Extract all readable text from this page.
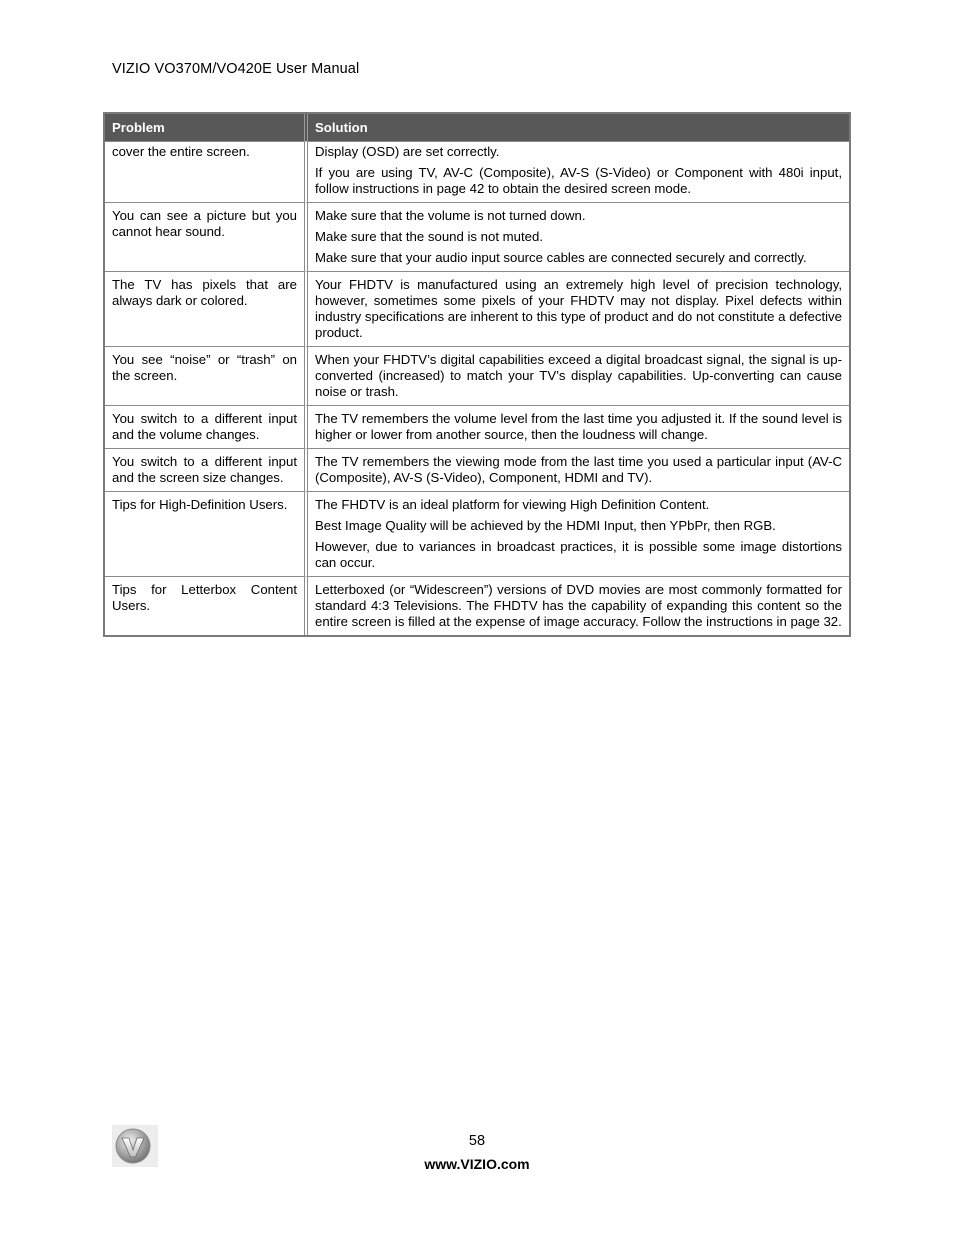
VIZIO VO370M/VO420E User Manual
Problem	Solution
cover the entire screen.	Display (OSD) are set correctly.

If you are using TV, AV-C (Composite), AV-S (S-Video) or Component with 480i input, follow instructions in page 42 to obtain the desired screen mode.

You can see a picture but you cannot hear sound.	Make sure that the volume is not turned down.

Make sure that the sound is not muted.

Make sure that your audio input source cables are connected securely and correctly.

The TV has pixels that are always dark or colored.	Your FHDTV is manufactured using an extremely high level of precision technology, however, sometimes some pixels of your FHDTV may not display. Pixel defects within industry specifications are inherent to this type of product and do not constitute a defective product.

You see “noise” or “trash” on the screen.	When your FHDTV’s digital capabilities exceed a digital broadcast signal, the signal is up-converted (increased) to match your TV’s display capabilities. Up-converting can cause noise or trash.

You switch to a different input and the volume changes.	The TV remembers the volume level from the last time you adjusted it. If the sound level is higher or lower from another source, then the loudness will change.

You switch to a different input and the screen size changes.	The TV remembers the viewing mode from the last time you used a particular input (AV-C (Composite), AV-S (S-Video), Component, HDMI and TV).

Tips for High-Definition Users.	The FHDTV is an ideal platform for viewing High Definition Content.

Best Image Quality will be achieved by the HDMI Input, then YPbPr, then RGB.

However, due to variances in broadcast practices, it is possible some image distortions can occur.

Tips for Letterbox Content Users.	Letterboxed (or “Widescreen”) versions of DVD movies are most commonly formatted for standard 4:3 Televisions. The FHDTV has the capability of expanding this content so the entire screen is filled at the expense of image accuracy. Follow the instructions in page 32.

58
www.VIZIO.com
